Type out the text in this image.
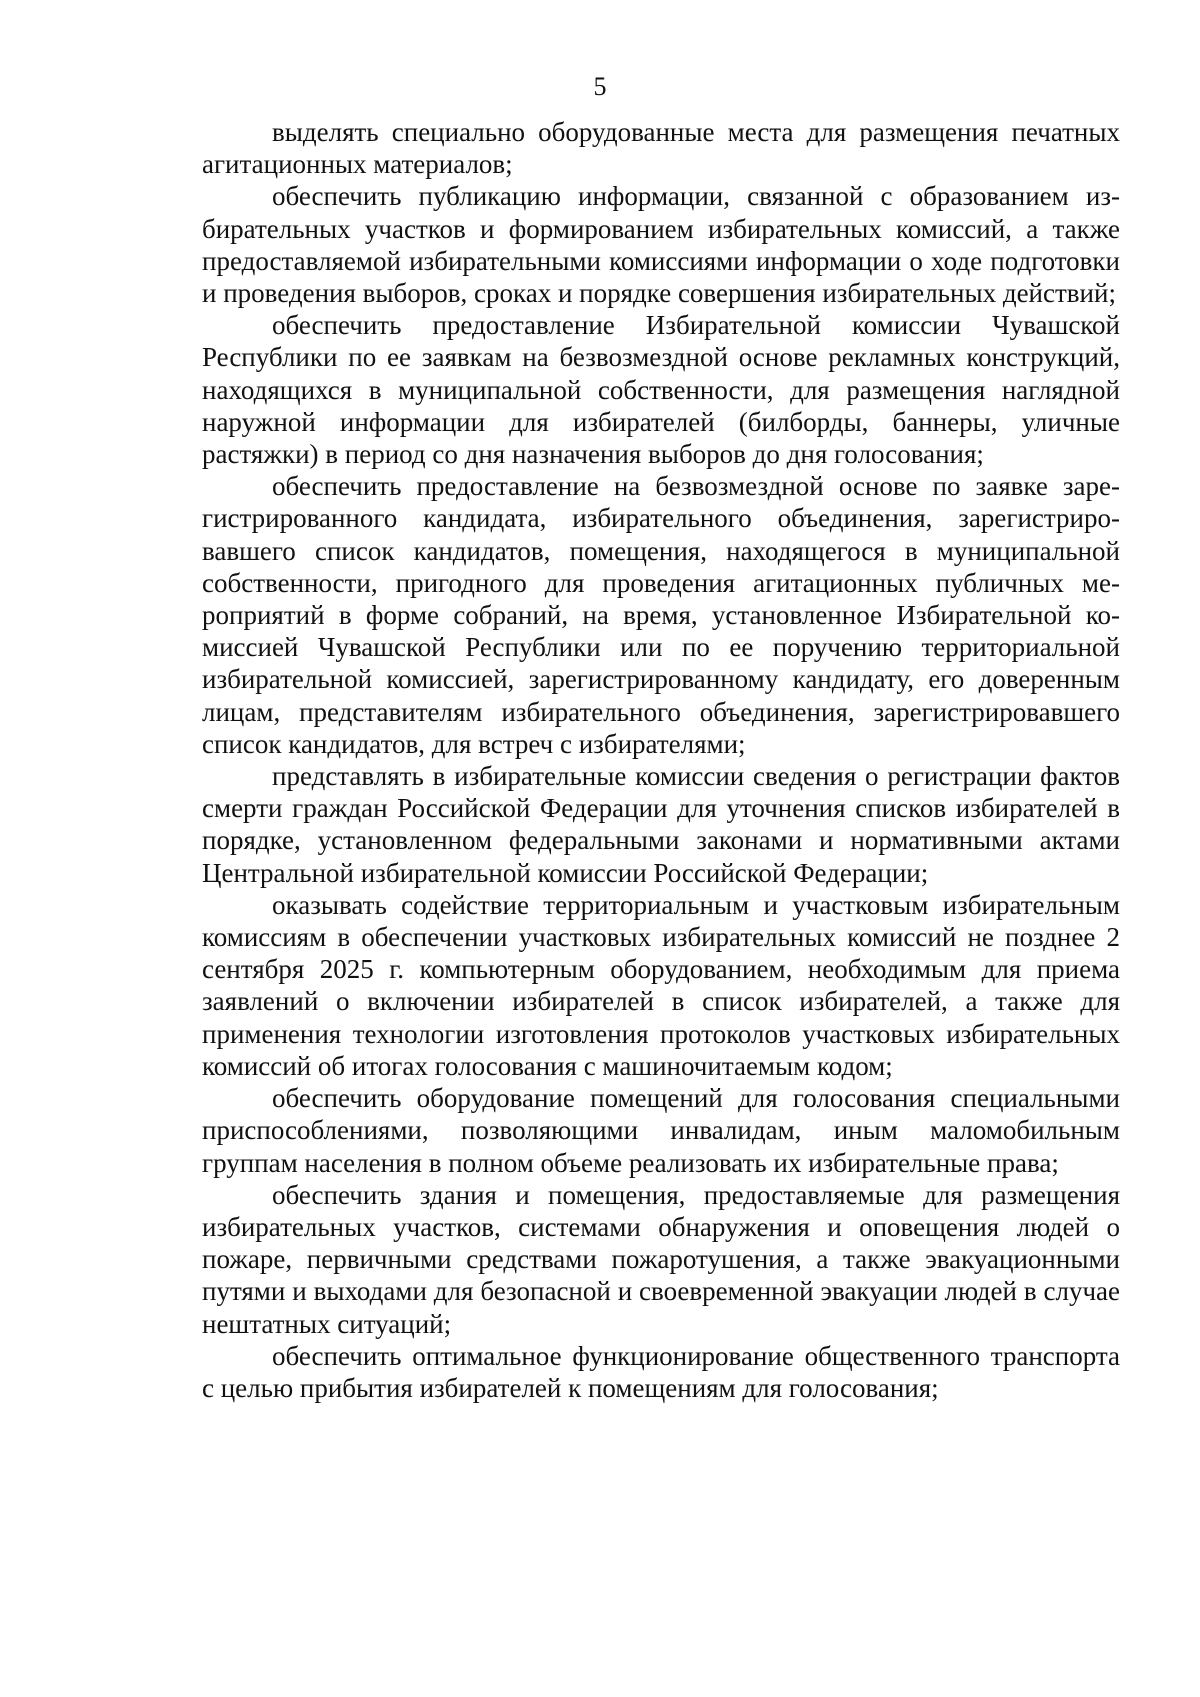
5

выделять специально оборудованные места для размещения печатных агитационных материалов;

обеспечить публикацию информации, связанной с образованием избирательных участков и формированием избирательных комиссий, а также предоставляемой избирательными комиссиями информации о ходе подготовки и проведения выборов, сроках и порядке совершения избирательных действий;

обеспечить предоставление Избирательной комиссии Чувашской Республики по ее заявкам на безвозмездной основе рекламных конструкций, находящихся в муниципальной собственности, для размещения наглядной наружной информации для избирателей (билборды, баннеры, уличные растяжки) в период со дня назначения выборов до дня голосования;

обеспечить предоставление на безвозмездной основе по заявке зарегистрированного кандидата, избирательного объединения, зарегистрировавшего список кандидатов, помещения, находящегося в муниципальной собственности, пригодного для проведения агитационных публичных мероприятий в форме собраний, на время, установленное Избирательной комиссией Чувашской Республики или по ее поручению территориальной избирательной комиссией, зарегистрированному кандидату, его доверенным лицам, представителям избирательного объединения, зарегистрировавшего список кандидатов, для встреч с избирателями;

представлять в избирательные комиссии сведения о регистрации фактов смерти граждан Российской Федерации для уточнения списков избирателей в порядке, установленном федеральными законами и нормативными актами Центральной избирательной комиссии Российской Федерации;

оказывать содействие территориальным и участковым избирательным комиссиям в обеспечении участковых избирательных комиссий не позднее 2 сентября 2025 г. компьютерным оборудованием, необходимым для приема заявлений о включении избирателей в список избирателей, а также для применения технологии изготовления протоколов участковых избирательных комиссий об итогах голосования с машиночитаемым кодом;

обеспечить оборудование помещений для голосования специальными приспособлениями, позволяющими инвалидам, иным маломобильным группам населения в полном объеме реализовать их избирательные права;

обеспечить здания и помещения, предоставляемые для размещения избирательных участков, системами обнаружения и оповещения людей о пожаре, первичными средствами пожаротушения, а также эвакуационными путями и выходами для безопасной и своевременной эвакуации людей в случае нештатных ситуаций;

обеспечить оптимальное функционирование общественного транспорта с целью прибытия избирателей к помещениям для голосования;
